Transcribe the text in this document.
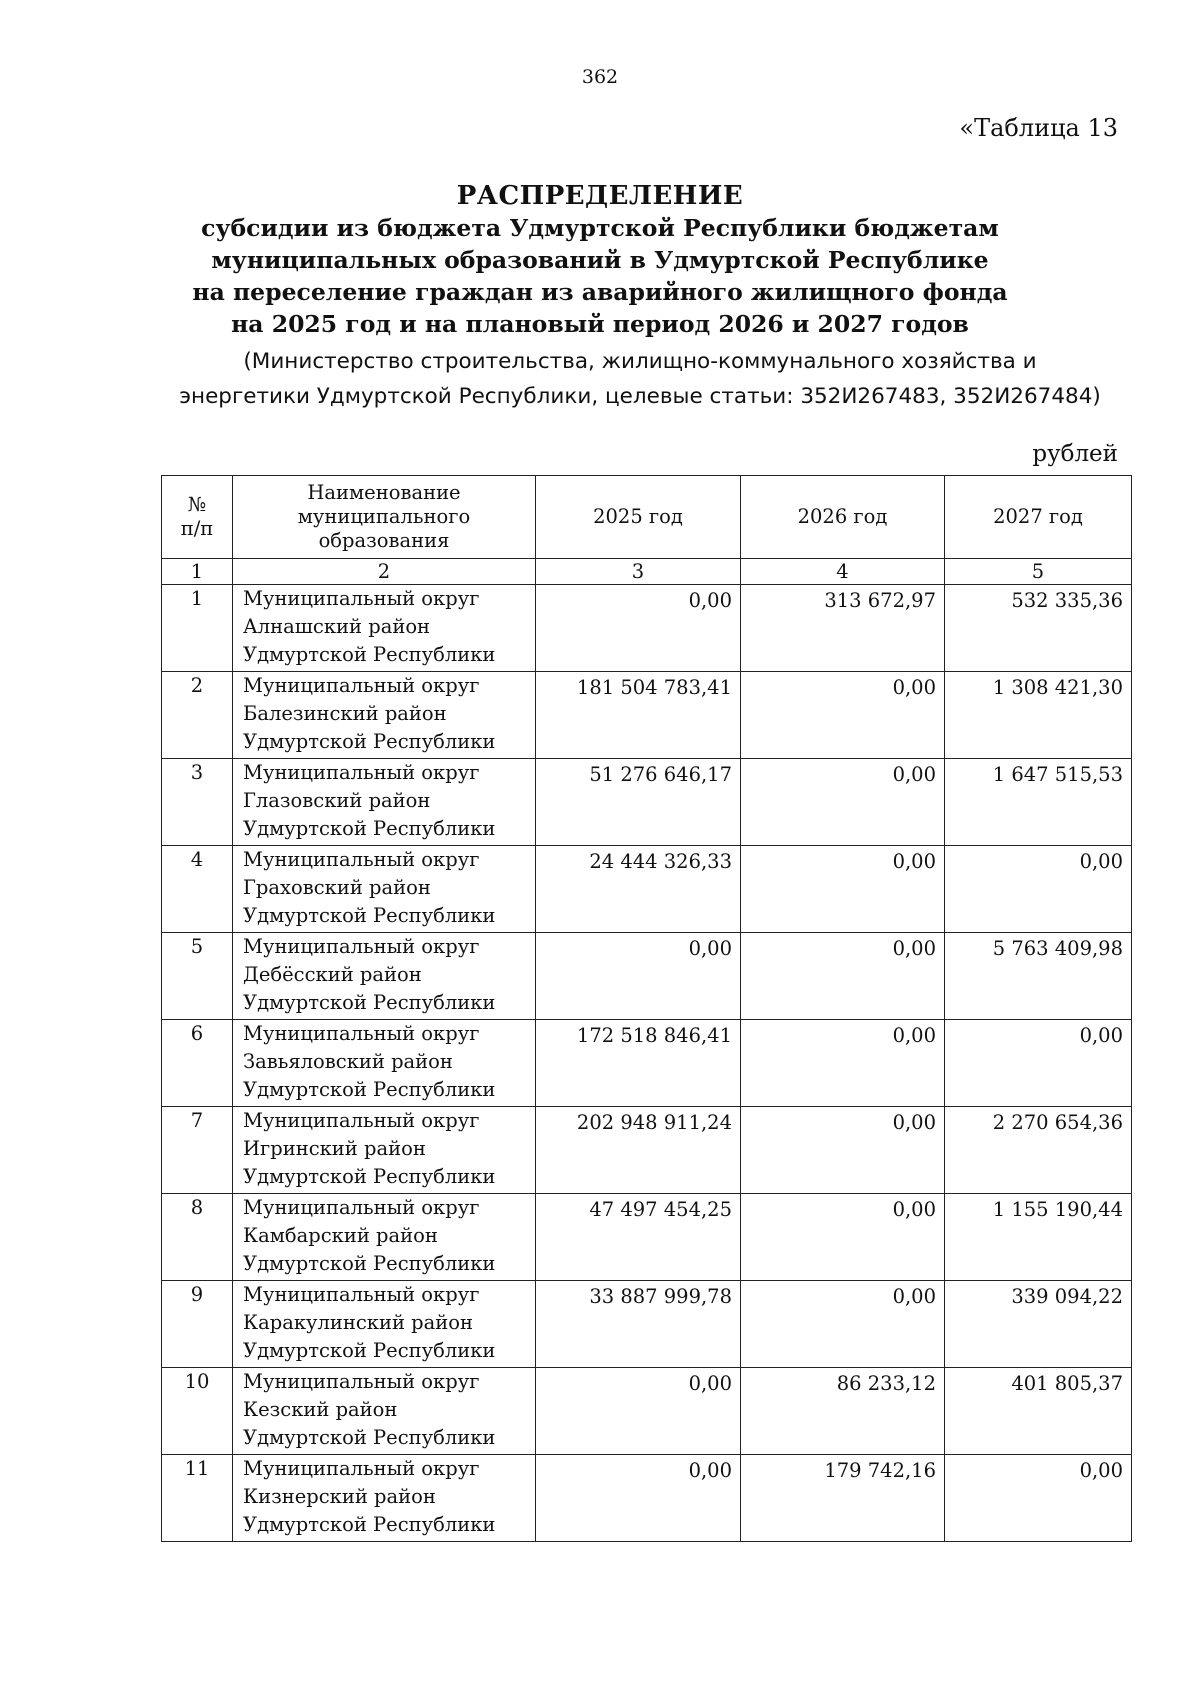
362
«Таблица 13
РАСПРЕДЕЛЕНИЕ
субсидии из бюджета Удмуртской Республики бюджетам
муниципальных образований в Удмуртской Республике
на переселение граждан из аварийного жилищного фонда
на 2025 год и на плановый период 2026 и 2027 годов
(Министерство строительства, жилищно-коммунального хозяйства и
энергетики Удмуртской Республики, целевые статьи: 352И267483, 352И267484)
рублей
№
п/п	Наименование
муниципального
образования	2025 год	2026 год	2027 год
1	2	3	4	5
1	Муниципальный округ
Алнашский район
Удмуртской Республики	0,00	313 672,97	532 335,36
2	Муниципальный округ
Балезинский район
Удмуртской Республики	181 504 783,41	0,00	1 308 421,30
3	Муниципальный округ
Глазовский район
Удмуртской Республики	51 276 646,17	0,00	1 647 515,53
4	Муниципальный округ
Граховский район
Удмуртской Республики	24 444 326,33	0,00	0,00
5	Муниципальный округ
Дебёсский район
Удмуртской Республики	0,00	0,00	5 763 409,98
6	Муниципальный округ
Завьяловский район
Удмуртской Республики	172 518 846,41	0,00	0,00
7	Муниципальный округ
Игринский район
Удмуртской Республики	202 948 911,24	0,00	2 270 654,36
8	Муниципальный округ
Камбарский район
Удмуртской Республики	47 497 454,25	0,00	1 155 190,44
9	Муниципальный округ
Каракулинский район
Удмуртской Республики	33 887 999,78	0,00	339 094,22
10	Муниципальный округ
Кезский район
Удмуртской Республики	0,00	86 233,12	401 805,37
11	Муниципальный округ
Кизнерский район
Удмуртской Республики	0,00	179 742,16	0,00
